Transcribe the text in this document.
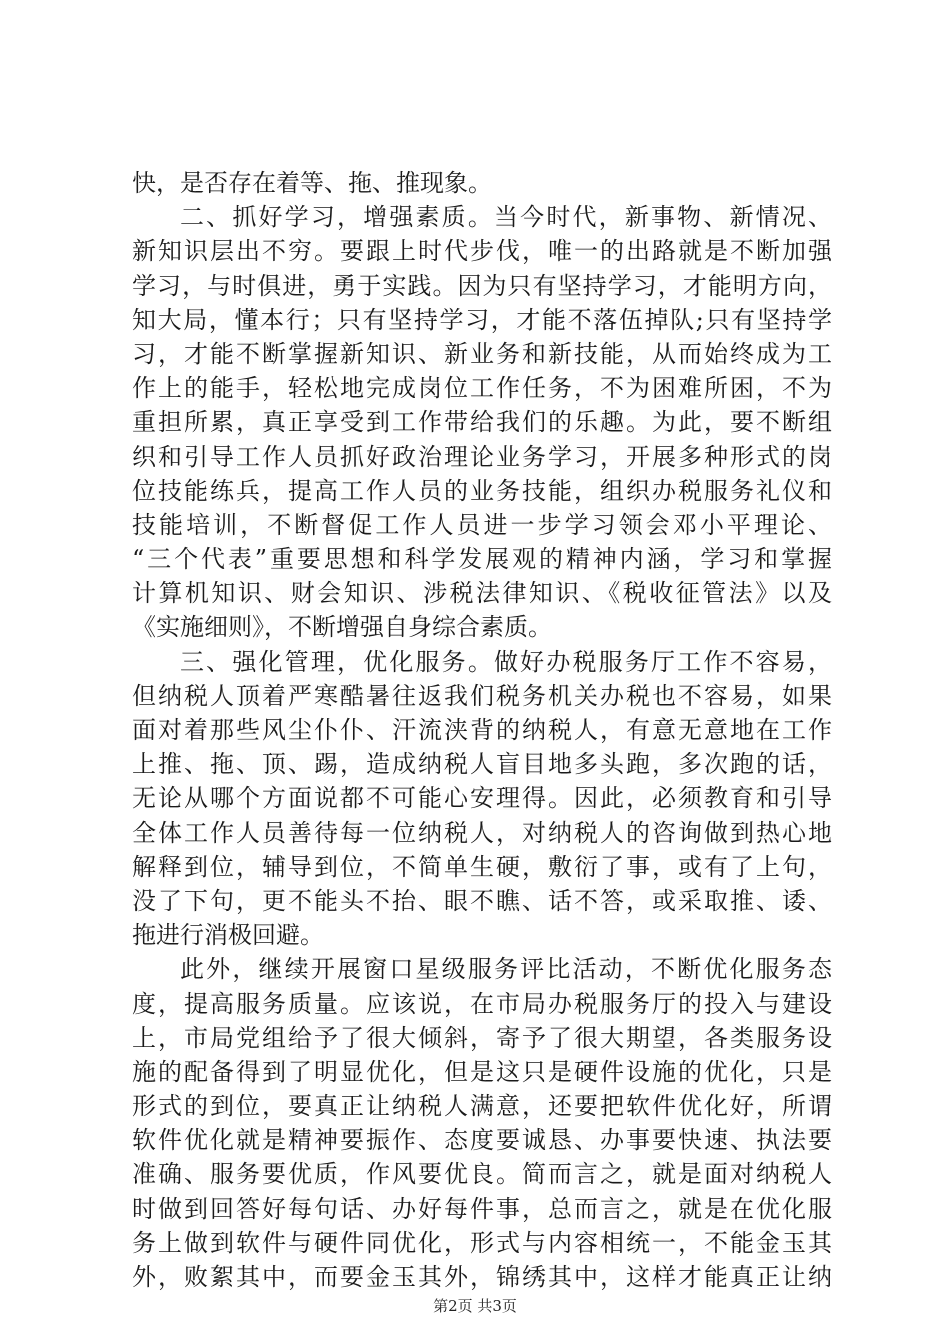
快，是否存在着等、拖、推现象。
二、抓好学习，增强素质。当今时代，新事物、新情况、
新知识层出不穷。要跟上时代步伐，唯一的出路就是不断加强
学习，与时俱进，勇于实践。因为只有坚持学习，才能明方向，
知大局，懂本行；只有坚持学习，才能不落伍掉队;只有坚持学
习，才能不断掌握新知识、新业务和新技能，从而始终成为工
作上的能手，轻松地完成岗位工作任务，不为困难所困，不为
重担所累，真正享受到工作带给我们的乐趣。为此，要不断组
织和引导工作人员抓好政治理论业务学习，开展多种形式的岗
位技能练兵，提高工作人员的业务技能，组织办税服务礼仪和
技能培训，不断督促工作人员进一步学习领会邓小平理论、
“三个代表”重要思想和科学发展观的精神内涵，学习和掌握
计算机知识、财会知识、涉税法律知识、《税收征管法》以及
《实施细则》，不断增强自身综合素质。
三、强化管理，优化服务。做好办税服务厅工作不容易，
但纳税人顶着严寒酷暑往返我们税务机关办税也不容易，如果
面对着那些风尘仆仆、汗流浃背的纳税人，有意无意地在工作
上推、拖、顶、踢，造成纳税人盲目地多头跑，多次跑的话，
无论从哪个方面说都不可能心安理得。因此，必须教育和引导
全体工作人员善待每一位纳税人，对纳税人的咨询做到热心地
解释到位，辅导到位，不简单生硬，敷衍了事，或有了上句，
没了下句，更不能头不抬、眼不瞧、话不答，或采取推、诿、
拖进行消极回避。
此外，继续开展窗口星级服务评比活动，不断优化服务态
度，提高服务质量。应该说，在市局办税服务厅的投入与建设
上，市局党组给予了很大倾斜，寄予了很大期望，各类服务设
施的配备得到了明显优化，但是这只是硬件设施的优化，只是
形式的到位，要真正让纳税人满意，还要把软件优化好，所谓
软件优化就是精神要振作、态度要诚恳、办事要快速、执法要
准确、服务要优质，作风要优良。简而言之，就是面对纳税人
时做到回答好每句话、办好每件事，总而言之，就是在优化服
务上做到软件与硬件同优化，形式与内容相统一，不能金玉其
外，败絮其中，而要金玉其外，锦绣其中，这样才能真正让纳
第2页 共3页
